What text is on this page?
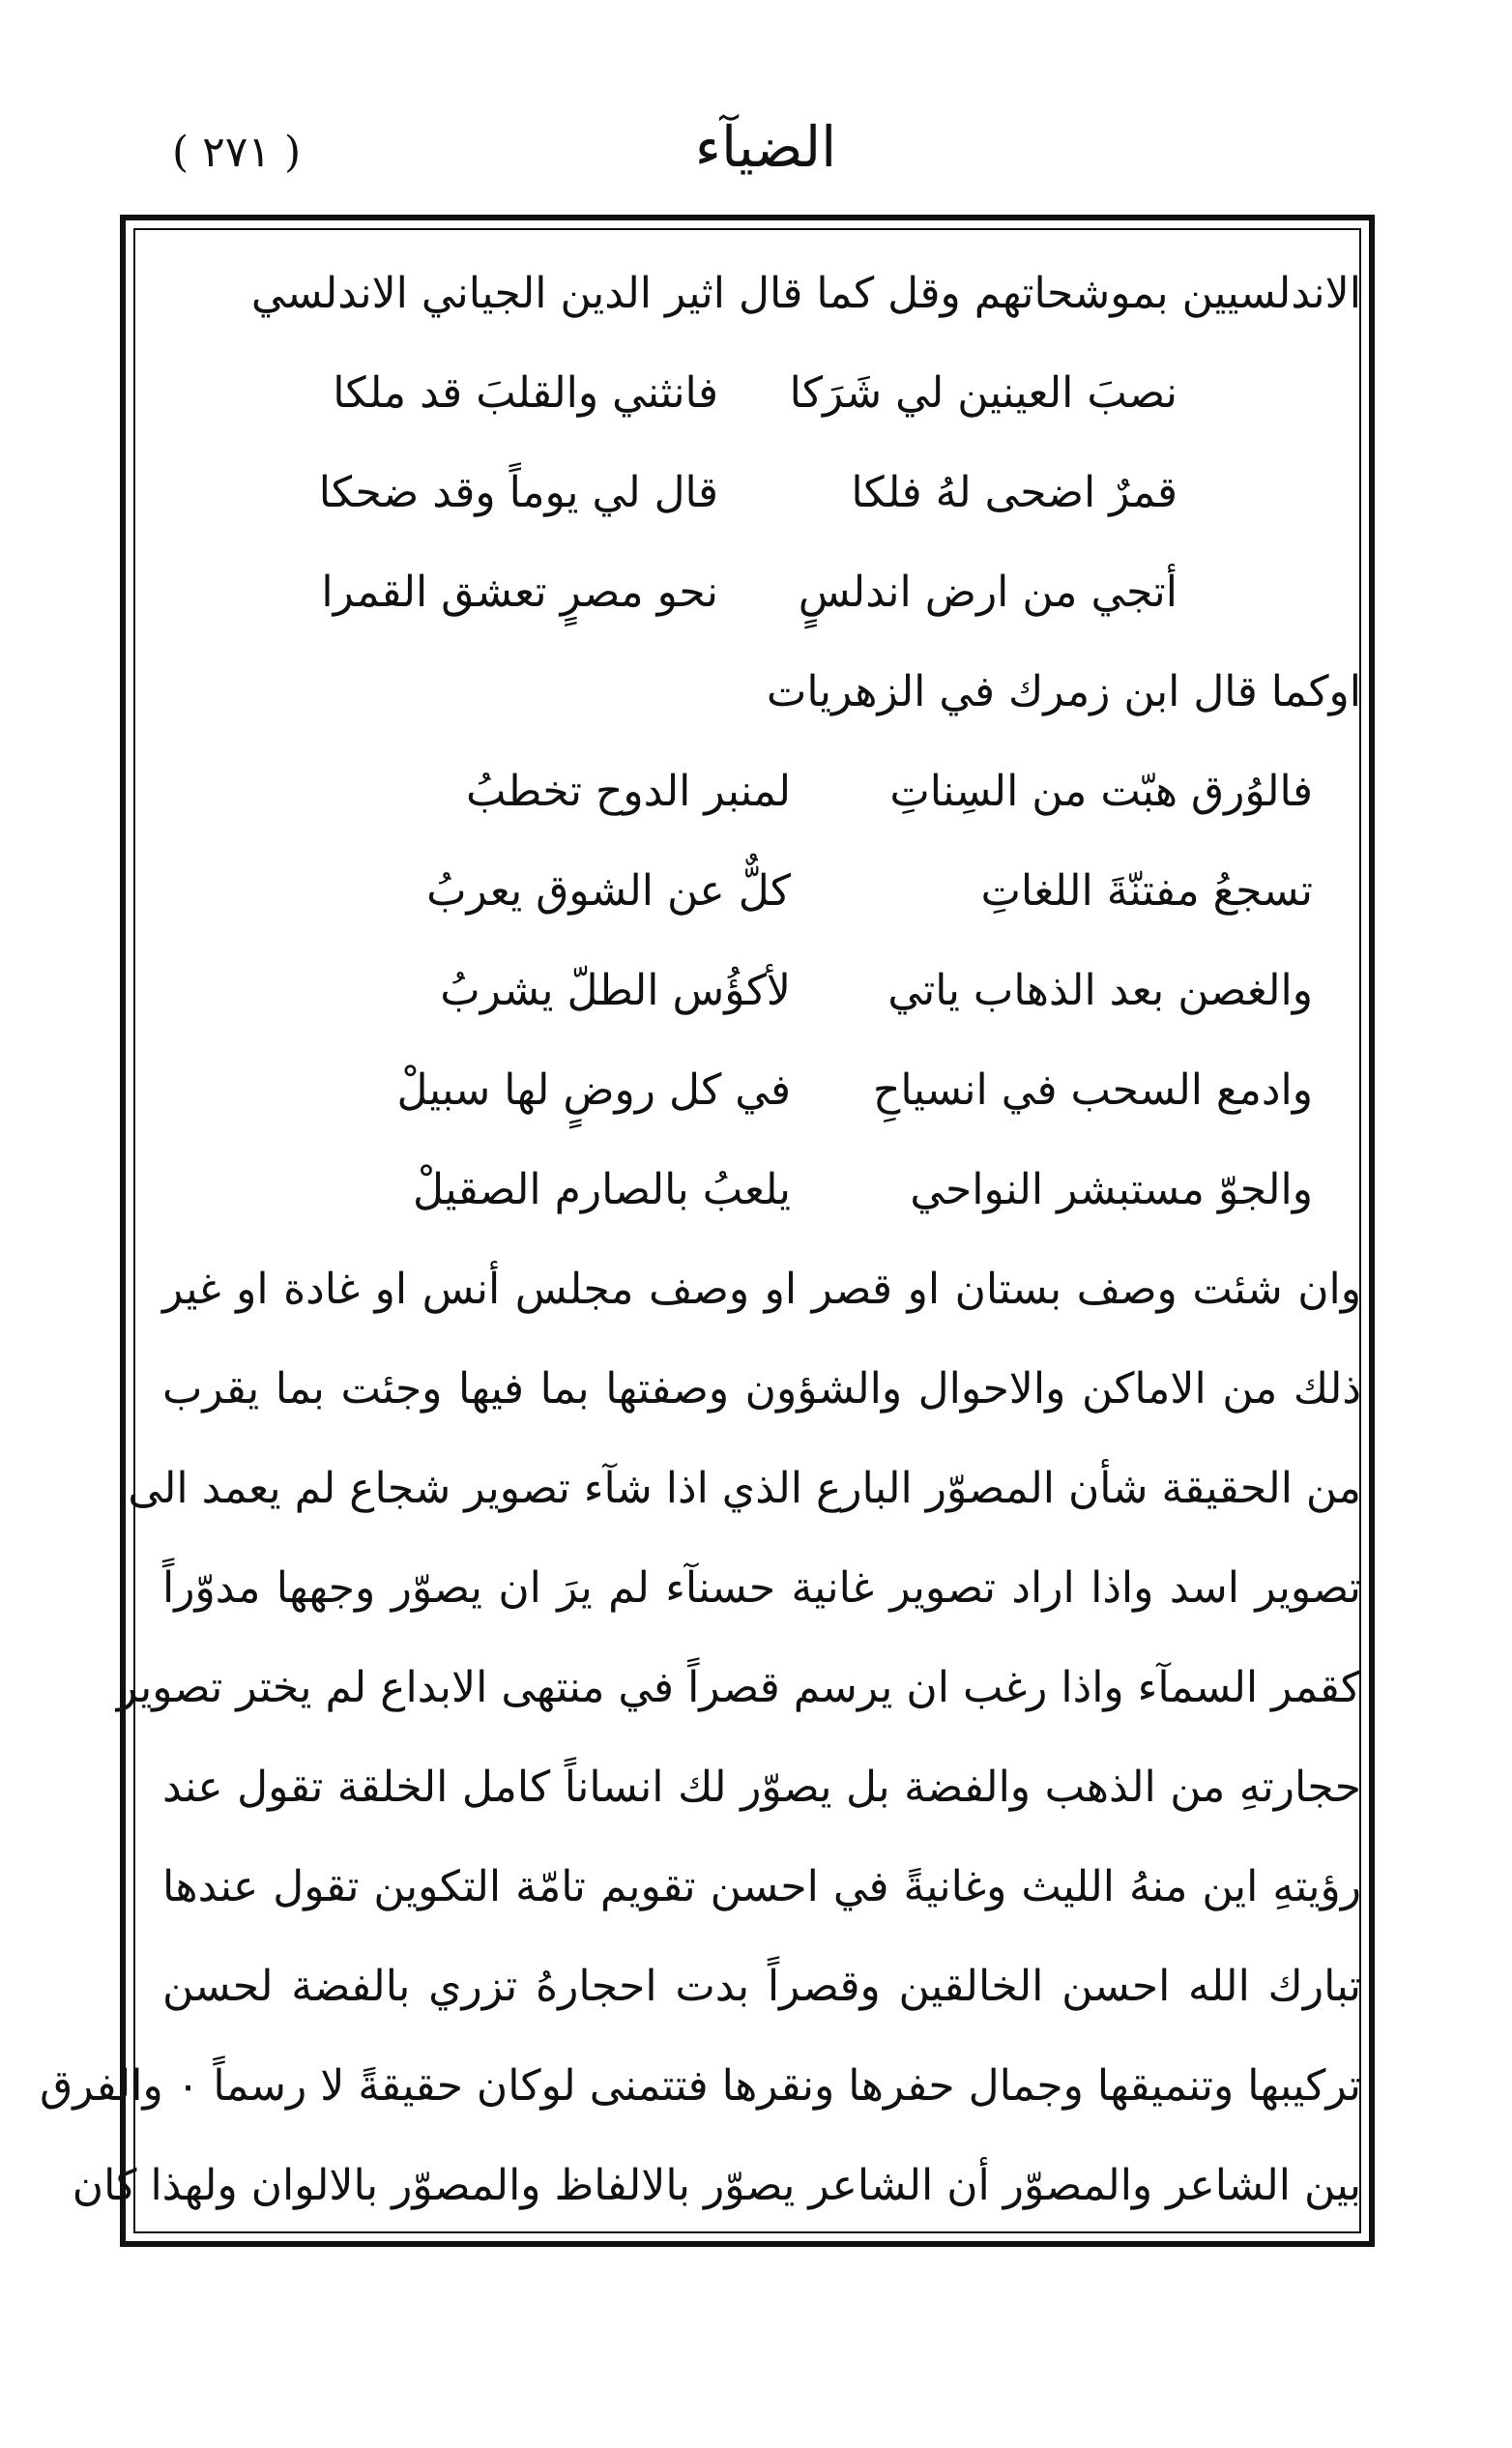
( ٢٧١ )	الضيآء
الاندلسيين بموشحاتهم وقل كما قال اثير الدين الجياني الاندلسي
نصبَ العينين لي شَرَكا
فانثني والقلبَ قد ملكا
قمرٌ اضحى لهُ فلكا
قال لي يوماً وقد ضحكا
أتجي من ارض اندلسٍ
نحو مصرٍ تعشق القمرا
اوكما قال ابن زمرك في الزهريات
فالوُرق هبّت من السِناتِ
لمنبر الدوح تخطبُ
تسجعُ مفتنّةَ اللغاتِ
كلٌّ عن الشوق يعربُ
والغصن بعد الذهاب ياتي
لأكؤُس الطلّ يشربُ
وادمع السحب في انسياحِ
في كل روضٍ لها سبيلْ
والجوّ مستبشر النواحي
يلعبُ بالصارم الصقيلْ
وان شئت وصف بستان او قصر او وصف مجلس أنس او غادة او غير
ذلك من الاماكن والاحوال والشؤون وصفتها بما فيها وجئت بما يقرب
من الحقيقة شأن المصوّر البارع الذي اذا شآء تصوير شجاع لم يعمد الى
تصوير اسد واذا اراد تصوير غانية حسنآء لم يرَ ان يصوّر وجهها مدوّراً
كقمر السمآء واذا رغب ان يرسم قصراً في منتهى الابداع لم يختر تصوير
حجارتهِ من الذهب والفضة بل يصوّر لك انساناً كامل الخلقة تقول عند
رؤيتهِ اين منهُ الليث وغانيةً في احسن تقويم تامّة التكوين تقول عندها
تبارك الله احسن الخالقين وقصراً بدت احجارهُ تزري بالفضة لحسن
تركيبها وتنميقها وجمال حفرها ونقرها فتتمنى لوكان حقيقةً لا رسماً ٠ والفرق
بين الشاعر والمصوّر أن الشاعر يصوّر بالالفاظ والمصوّر بالالوان ولهذا كان
